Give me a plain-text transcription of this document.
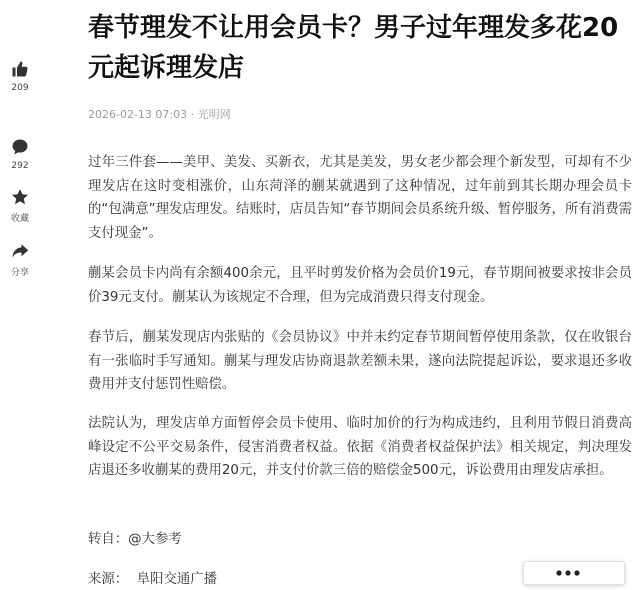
209
292
收藏
分享
春节理发不让用会员卡？男子过年理发多花20元起诉理发店
2026-02-13 07:03 · 光明网

过年三件套——美甲、美发、买新衣，尤其是美发，男女老少都会理个新发型，可却有不少理发店在这时变相涨价，山东菏泽的蒯某就遇到了这种情况，过年前到其长期办理会员卡的“包满意”理发店理发。结账时，店员告知“春节期间会员系统升级、暂停服务，所有消费需支付现金”。

蒯某会员卡内尚有余额400余元，且平时剪发价格为会员价19元，春节期间被要求按非会员价39元支付。蒯某认为该规定不合理，但为完成消费只得支付现金。

春节后，蒯某发现店内张贴的《会员协议》中并未约定春节期间暂停使用条款，仅在收银台有一张临时手写通知。蒯某与理发店协商退款差额未果，遂向法院提起诉讼，要求退还多收费用并支付惩罚性赔偿。

法院认为，理发店单方面暂停会员卡使用、临时加价的行为构成违约，且利用节假日消费高峰设定不公平交易条件，侵害消费者权益。依据《消费者权益保护法》相关规定，判决理发店退还多收蒯某的费用20元，并支付价款三倍的赔偿金500元，诉讼费用由理发店承担。

转自：@大参考
来源：  阜阳交通广播
